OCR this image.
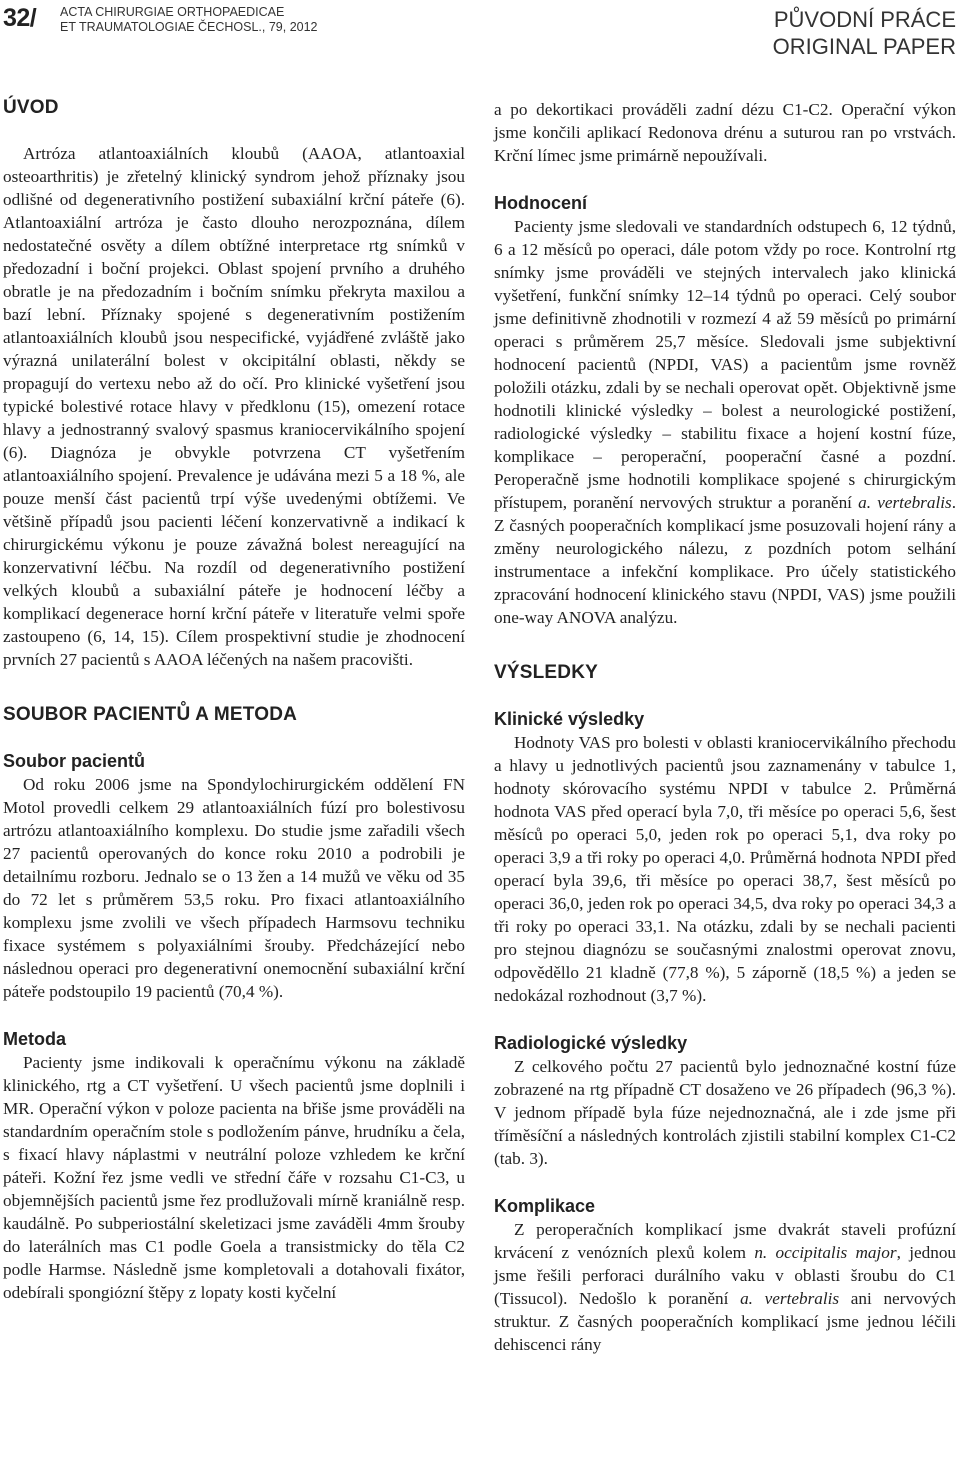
32/ ACTA CHIRURGIAE ORTHOPAEDICAE
ET TRAUMATOLOGIAE ČECHOSL., 79, 2012	PŮVODNÍ PRÁCE
ORIGINAL PAPER
ÚVOD

Artróza atlantoaxiálních kloubů (AAOA, atlantoaxial osteoarthritis) je zřetelný klinický syndrom jehož příznaky jsou odlišné od degenerativního postižení subaxiální krční páteře (6). Atlantoaxiální artróza je často dlouho nerozpoznána, dílem nedostatečné osvěty a dílem obtížné interpretace rtg snímků v předozadní i boční projekci. Oblast spojení prvního a druhého obratle je na předozadním i bočním snímku překryta maxilou a bazí lební. Příznaky spojené s degenerativním postižením atlantoaxiálních kloubů jsou nespecifické, vyjádřené zvláště jako výrazná unilaterální bolest v okcipitální oblasti, někdy se propagují do vertexu nebo až do očí. Pro klinické vyšetření jsou typické bolestivé rotace hlavy v předklonu (15), omezení rotace hlavy a jednostranný svalový spasmus kraniocervikálního spojení (6). Diagnóza je obvykle potvrzena CT vyšetřením atlantoaxiálního spojení. Prevalence je udávána mezi 5 a 18 %, ale pouze menší část pacientů trpí výše uvedenými obtížemi. Ve většině případů jsou pacienti léčení konzervativně a indikací k chirurgickému výkonu je pouze závažná bolest nereagující na konzervativní léčbu. Na rozdíl od degenerativního postižení velkých kloubů a subaxiální páteře je hodnocení léčby a komplikací degenerace horní krční páteře v literatuře velmi spoře zastoupeno (6, 14, 15). Cílem prospektivní studie je zhodnocení prvních 27 pacientů s AAOA léčených na našem pracovišti.

SOUBOR PACIENTŮ A METODA
Soubor pacientů

Od roku 2006 jsme na Spondylochirurgickém oddělení FN Motol provedli celkem 29 atlantoaxiálních fúzí pro bolestivosu artrózu atlantoaxiálního komplexu. Do studie jsme zařadili všech 27 pacientů operovaných do konce roku 2010 a podrobili je detailnímu rozboru. Jednalo se o 13 žen a 14 mužů ve věku od 35 do 72 let s průměrem 53,5 roku. Pro fixaci atlantoaxiálního komplexu jsme zvolili ve všech případech Harmsovu techniku fixace systémem s polyaxiálními šrouby. Předcházející nebo následnou operaci pro degenerativní onemocnění subaxiální krční páteře podstoupilo 19 pacientů (70,4 %).

Metoda

Pacienty jsme indikovali k operačnímu výkonu na základě klinického, rtg a CT vyšetření. U všech pacientů jsme doplnili i MR. Operační výkon v poloze pacienta na břiše jsme prováděli na standardním operačním stole s podložením pánve, hrudníku a čela, s fixací hlavy náplastmi v neutrální poloze vzhledem ke krční páteři. Kožní řez jsme vedli ve střední čáře v rozsahu C1-C3, u objemnějších pacientů jsme řez prodlužovali mírně kraniálně resp. kaudálně. Po subperiostální skeletizaci jsme zaváděli 4mm šrouby do laterálních mas C1 podle Goela a transistmicky do těla C2 podle Harmse. Následně jsme kompletovali a dotahovali fixátor, odebírali spongiózní štěpy z lopaty kosti kyčelní

a po dekortikaci prováděli zadní dézu C1-C2. Operační výkon jsme končili aplikací Redonova drénu a suturou ran po vrstvách. Krční límec jsme primárně nepoužívali.

Hodnocení

Pacienty jsme sledovali ve standardních odstupech 6, 12 týdnů, 6 a 12 měsíců po operaci, dále potom vždy po roce. Kontrolní rtg snímky jsme prováděli ve stejných intervalech jako klinická vyšetření, funkční snímky 12–14 týdnů po operaci. Celý soubor jsme definitivně zhodnotili v rozmezí 4 až 59 měsíců po primární operaci s průměrem 25,7 měsíce. Sledovali jsme subjektivní hodnocení pacientů (NPDI, VAS) a pacientům jsme rovněž položili otázku, zdali by se nechali operovat opět. Objektivně jsme hodnotili klinické výsledky – bolest a neurologické postižení, radiologické výsledky – stabilitu fixace a hojení kostní fúze, komplikace – peroperační, pooperační časné a pozdní. Peroperačně jsme hodnotili komplikace spojené s chirurgickým přístupem, poranění nervových struktur a poranění a. vertebralis. Z časných pooperačních komplikací jsme posuzovali hojení rány a změny neurologického nálezu, z pozdních potom selhání instrumentace a infekční komplikace. Pro účely statistického zpracování hodnocení klinického stavu (NPDI, VAS) jsme použili one-way ANOVA analýzu.

VÝSLEDKY
Klinické výsledky

Hodnoty VAS pro bolesti v oblasti kraniocervikálního přechodu a hlavy u jednotlivých pacientů jsou zaznamenány v tabulce 1, hodnoty skórovacího systému NPDI v tabulce 2. Průměrná hodnota VAS před operací byla 7,0, tři měsíce po operaci 5,6, šest měsíců po operaci 5,0, jeden rok po operaci 5,1, dva roky po operaci 3,9 a tři roky po operaci 4,0. Průměrná hodnota NPDI před operací byla 39,6, tři měsíce po operaci 38,7, šest měsíců po operaci 36,0, jeden rok po operaci 34,5, dva roky po operaci 34,3 a tři roky po operaci 33,1. Na otázku, zdali by se nechali pacienti pro stejnou diagnózu se současnými znalostmi operovat znovu, odpověděllo 21 kladně (77,8 %), 5 záporně (18,5 %) a jeden se nedokázal rozhodnout (3,7 %).

Radiologické výsledky

Z celkového počtu 27 pacientů bylo jednoznačné kostní fúze zobrazené na rtg případně CT dosaženo ve 26 případech (96,3 %). V jednom případě byla fúze nejednoznačná, ale i zde jsme při tříměsíční a následných kontrolách zjistili stabilní komplex C1-C2 (tab. 3).

Komplikace

Z peroperačních komplikací jsme dvakrát staveli profúzní krvácení z venózních plexů kolem n. occipitalis major, jednou jsme řešili perforaci durálního vaku v oblasti šroubu do C1 (Tissucol). Nedošlo k poranění a. vertebralis ani nervových struktur. Z časných pooperačních komplikací jsme jednou léčili dehiscenci rány
